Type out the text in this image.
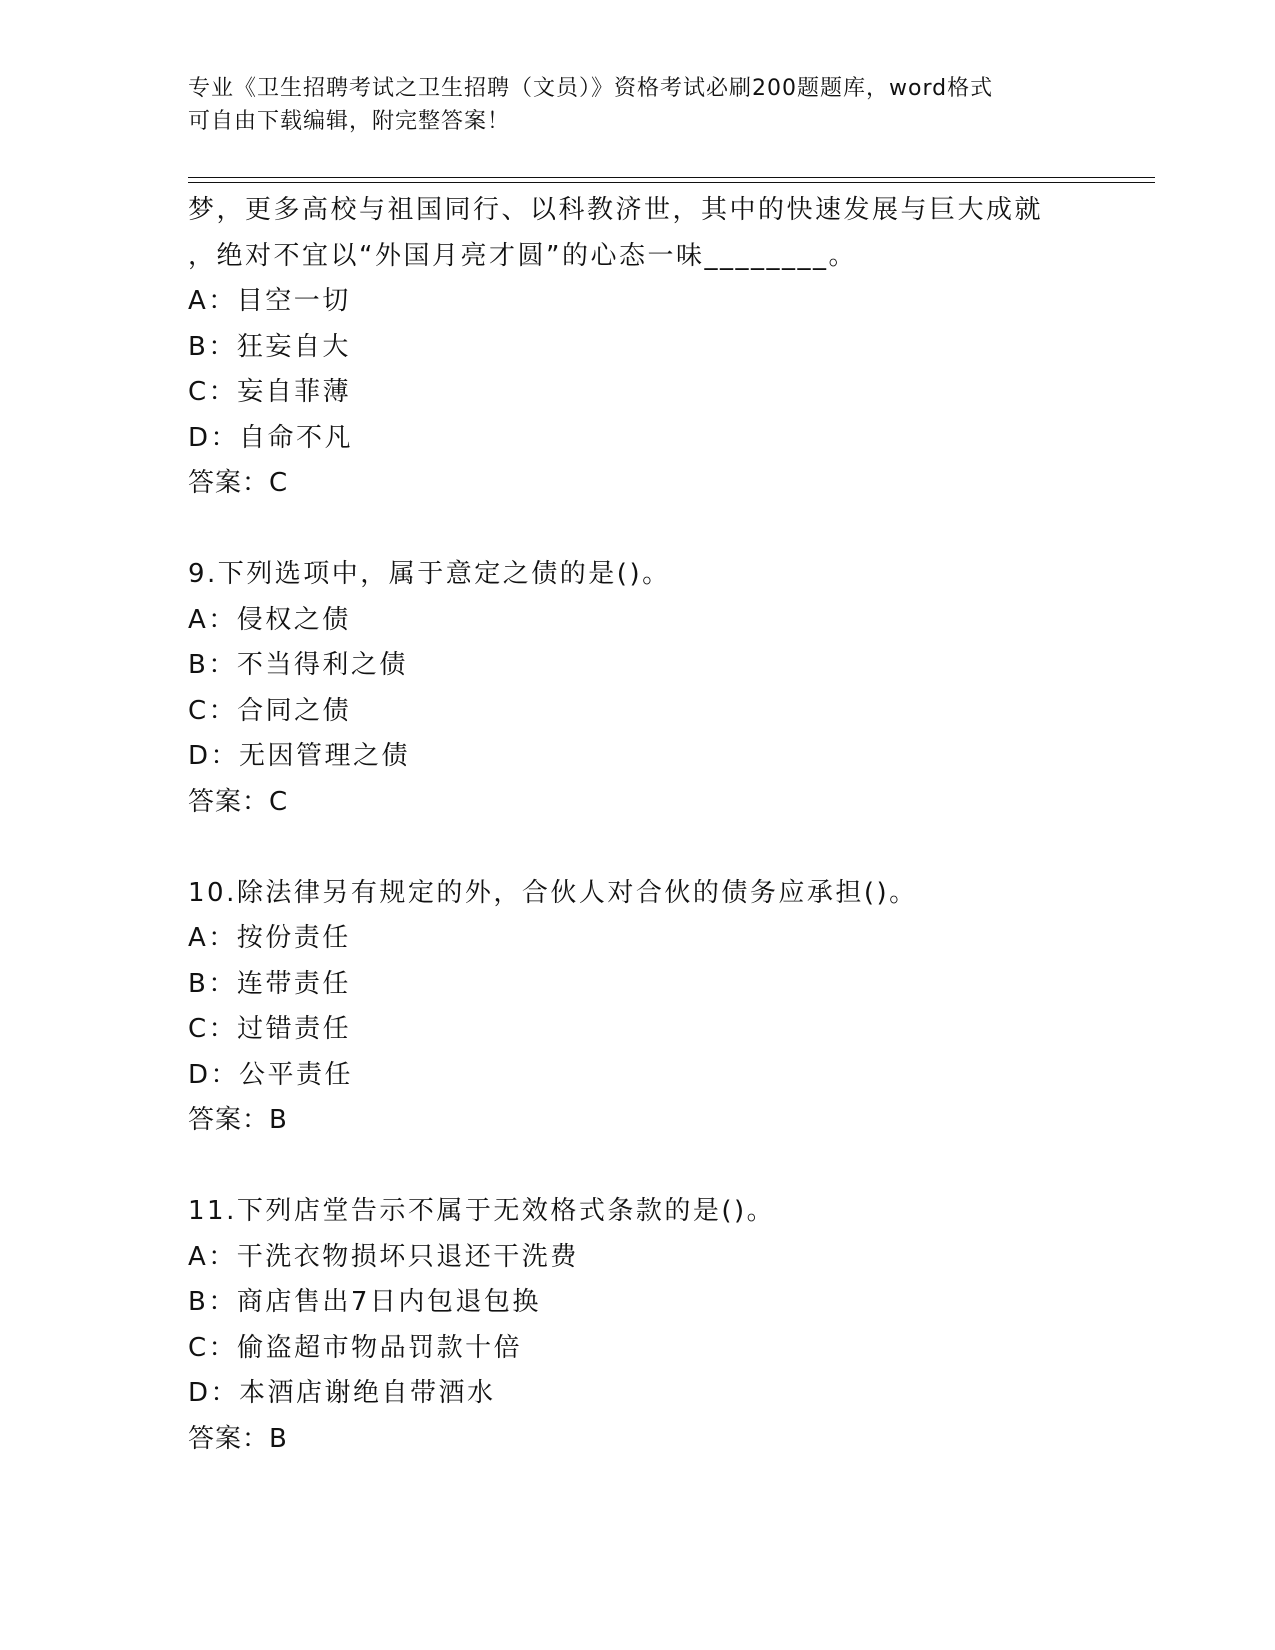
专业《卫生招聘考试之卫生招聘（文员）》资格考试必刷200题题库，word格式
可自由下载编辑，附完整答案！
梦，更多高校与祖国同行、以科教济世，其中的快速发展与巨大成就
，绝对不宜以“外国月亮才圆”的心态一味________。
A：目空一切
B：狂妄自大
C：妄自菲薄
D：自命不凡
答案：C
9.下列选项中，属于意定之债的是()。
A：侵权之债
B：不当得利之债
C：合同之债
D：无因管理之债
答案：C
10.除法律另有规定的外，合伙人对合伙的债务应承担()。
A：按份责任
B：连带责任
C：过错责任
D：公平责任
答案：B
11.下列店堂告示不属于无效格式条款的是()。
A：干洗衣物损坏只退还干洗费
B：商店售出7日内包退包换
C：偷盗超市物品罚款十倍
D：本酒店谢绝自带酒水
答案：B
